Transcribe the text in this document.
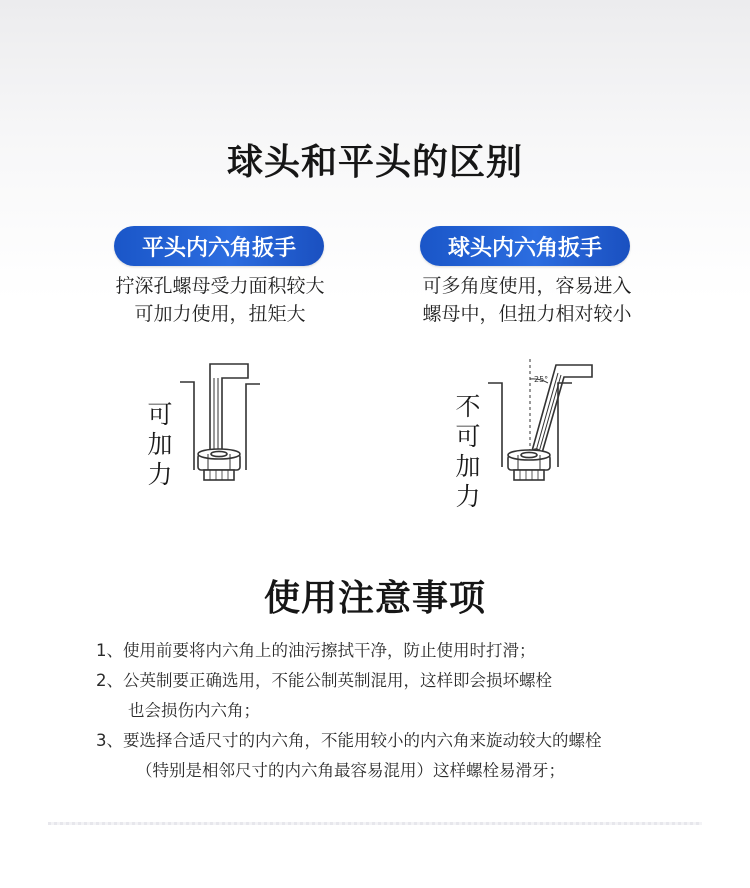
球头和平头的区别
平头内六角扳手
拧深孔螺母受力面积较大
可加力使用，扭矩大
可
加
力
球头内六角扳手
可多角度使用，容易进入
螺母中，但扭力相对较小
不
可
加
力
25°
使用注意事项
1、使用前要将内六角上的油污擦拭干净，防止使用时打滑；
2、公英制要正确选用，不能公制英制混用，这样即会损坏螺栓
也会损伤内六角；
3、要选择合适尺寸的内六角，不能用较小的内六角来旋动较大的螺栓
（特别是相邻尺寸的内六角最容易混用）这样螺栓易滑牙；
